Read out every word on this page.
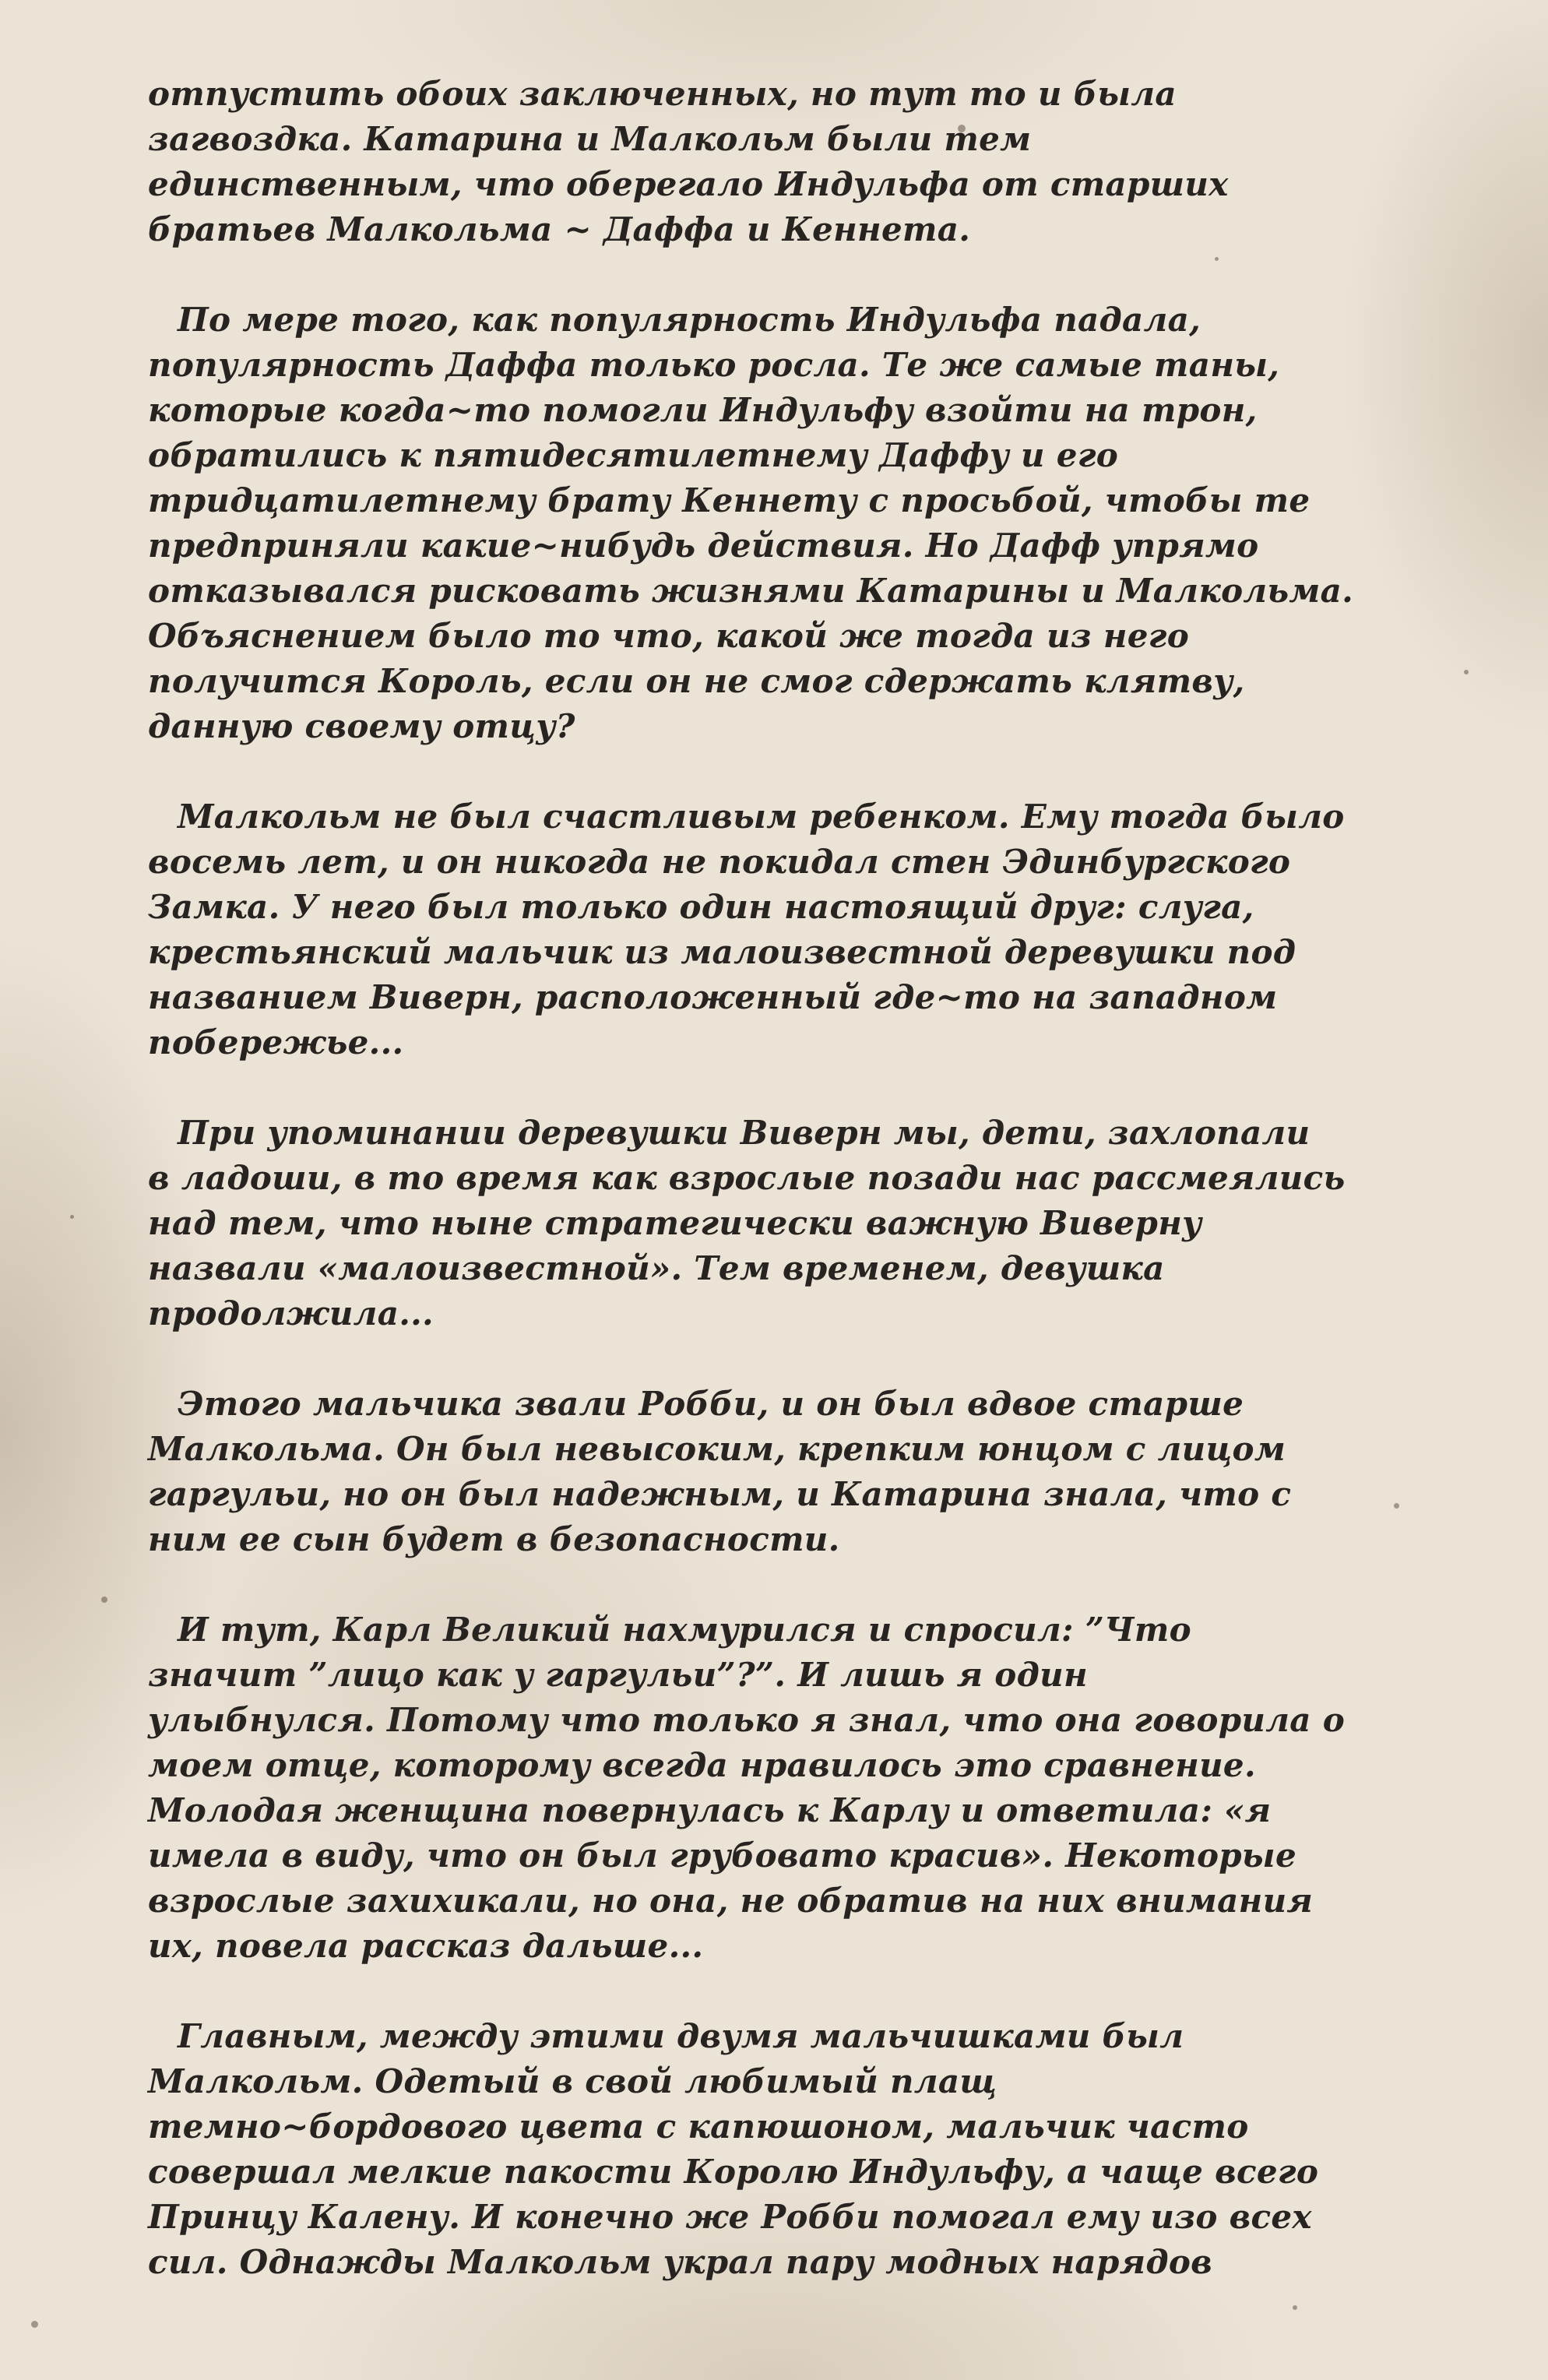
отпустить обоих заключенных, но тут то и была
загвоздка. Катарина и Малкольм были тем
единственным, что оберегало Индульфа от старших
братьев Малкольма ~ Даффа и Кеннета.

По мере того, как популярность Индульфа падала,
популярность Даффа только росла. Те же самые таны,
которые когда~то помогли Индульфу взойти на трон,
обратились к пятидесятилетнему Даффу и его
тридцатилетнему брату Кеннету с просьбой, чтобы те
предприняли какие~нибудь действия. Но Дафф упрямо
отказывался рисковать жизнями Катарины и Малкольма.
Объяснением было то что, какой же тогда из него
получится Король, если он не смог сдержать клятву,
данную своему отцу?

Малкольм не был счастливым ребенком. Ему тогда было
восемь лет, и он никогда не покидал стен Эдинбургского
Замка. У него был только один настоящий друг: слуга,
крестьянский мальчик из малоизвестной деревушки под
названием Виверн, расположенный где~то на западном
побережье...

При упоминании деревушки Виверн мы, дети, захлопали
в ладоши, в то время как взрослые позади нас рассмеялись
над тем, что ныне стратегически важную Виверну
назвали «малоизвестной». Тем временем, девушка
продолжила...

Этого мальчика звали Робби, и он был вдвое старше
Малкольма. Он был невысоким, крепким юнцом с лицом
гаргульи, но он был надежным, и Катарина знала, что с
ним ее сын будет в безопасности.

И тут, Карл Великий нахмурился и спросил: ”Что
значит ”лицо как у гаргульи”?”. И лишь я один
улыбнулся. Потому что только я знал, что она говорила о
моем отце, которому всегда нравилось это сравнение.
Молодая женщина повернулась к Карлу и ответила: «я
имела в виду, что он был грубовато красив». Некоторые
взрослые захихикали, но она, не обратив на них внимания
их, повела рассказ дальше...

Главным, между этими двумя мальчишками был
Малкольм. Одетый в свой любимый плащ
темно~бордового цвета с капюшоном, мальчик часто
совершал мелкие пакости Королю Индульфу, а чаще всего
Принцу Калену. И конечно же Робби помогал ему изо всех
сил. Однажды Малкольм украл пару модных нарядов
